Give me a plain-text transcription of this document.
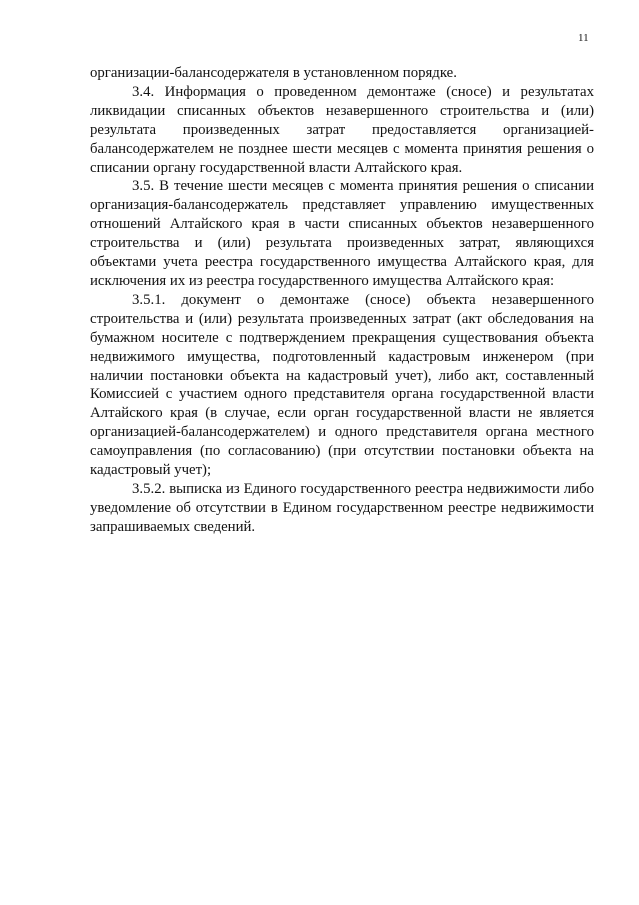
11

организации-балансодержателя в установленном порядке.

3.4. Информация о проведенном демонтаже (сносе) и результатах ликвидации списанных объектов незавершенного строительства и (или) результата произведенных затрат предоставляется организацией-балансодержателем не позднее шести месяцев с момента принятия решения о списании органу государственной власти Алтайского края.

3.5. В течение шести месяцев с момента принятия решения о списании организация-балансодержатель представляет управлению имущественных отношений Алтайского края в части списанных объектов незавершенного строительства и (или) результата произведенных затрат, являющихся объектами учета реестра государственного имущества Алтайского края, для исключения их из реестра государственного имущества Алтайского края:

3.5.1. документ о демонтаже (сносе) объекта незавершенного строительства и (или) результата произведенных затрат (акт обследования на бумажном носителе с подтверждением прекращения существования объекта недвижимого имущества, подготовленный кадастровым инженером (при наличии постановки объекта на кадастровый учет), либо акт, составленный Комиссией с участием одного представителя органа государственной власти Алтайского края (в случае, если орган государственной власти не является организацией-балансодержателем) и одного представителя органа местного самоуправления (по согласованию) (при отсутствии постановки объекта на кадастровый учет);

3.5.2. выписка из Единого государственного реестра недвижимости либо уведомление об отсутствии в Едином государственном реестре недвижимости запрашиваемых сведений.
